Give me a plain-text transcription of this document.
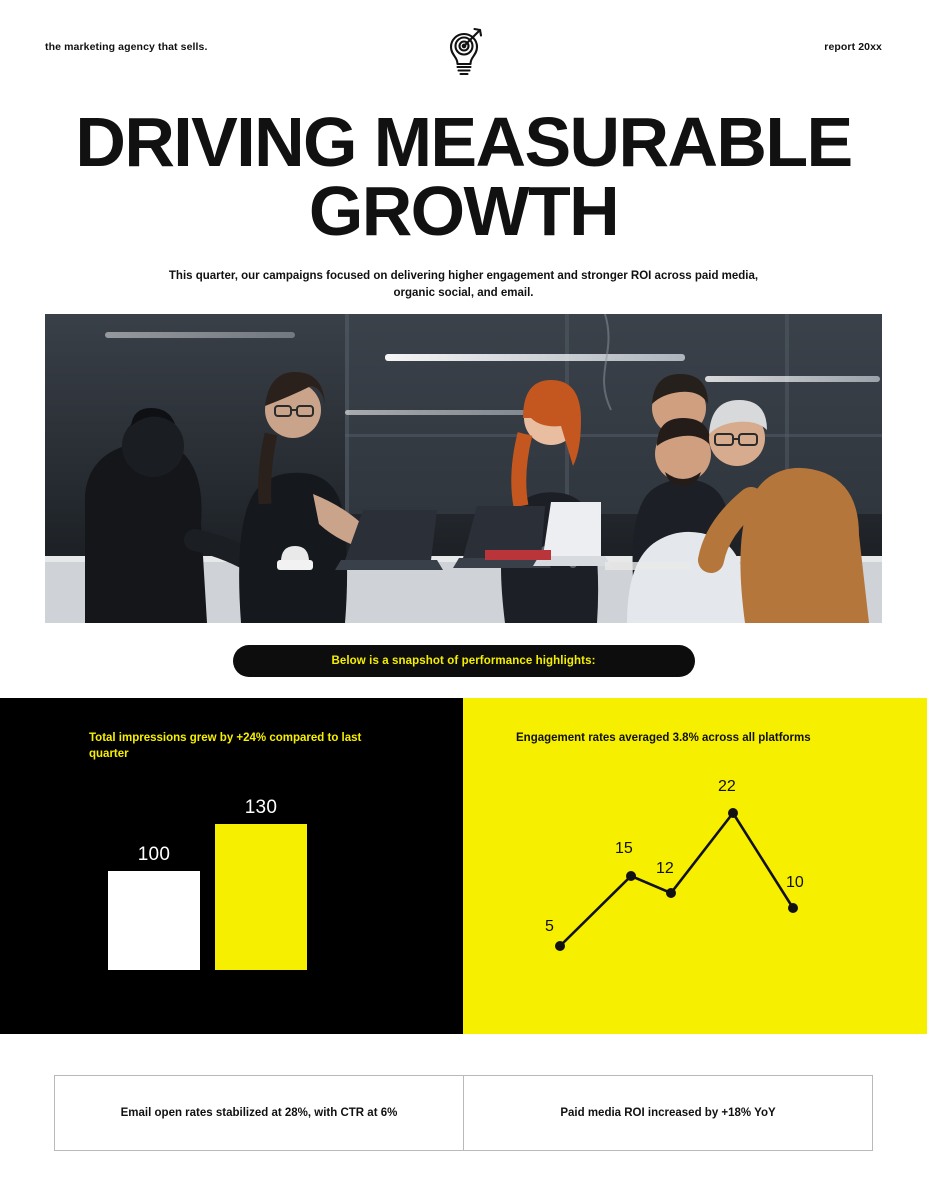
the marketing agency that sells.	report 20xx
DRIVING MEASURABLE GROWTH

This quarter, our campaigns focused on delivering higher engagement and stronger ROI across paid media, organic social, and email.

Below is a snapshot of performance highlights:
Total impressions grew by +24% compared to last quarter
100
130
Engagement rates averaged 3.8% across all platforms
5
15
12
22
10
Email open rates stabilized at 28%, with CTR at 6%	Paid media ROI increased by +18% YoY
